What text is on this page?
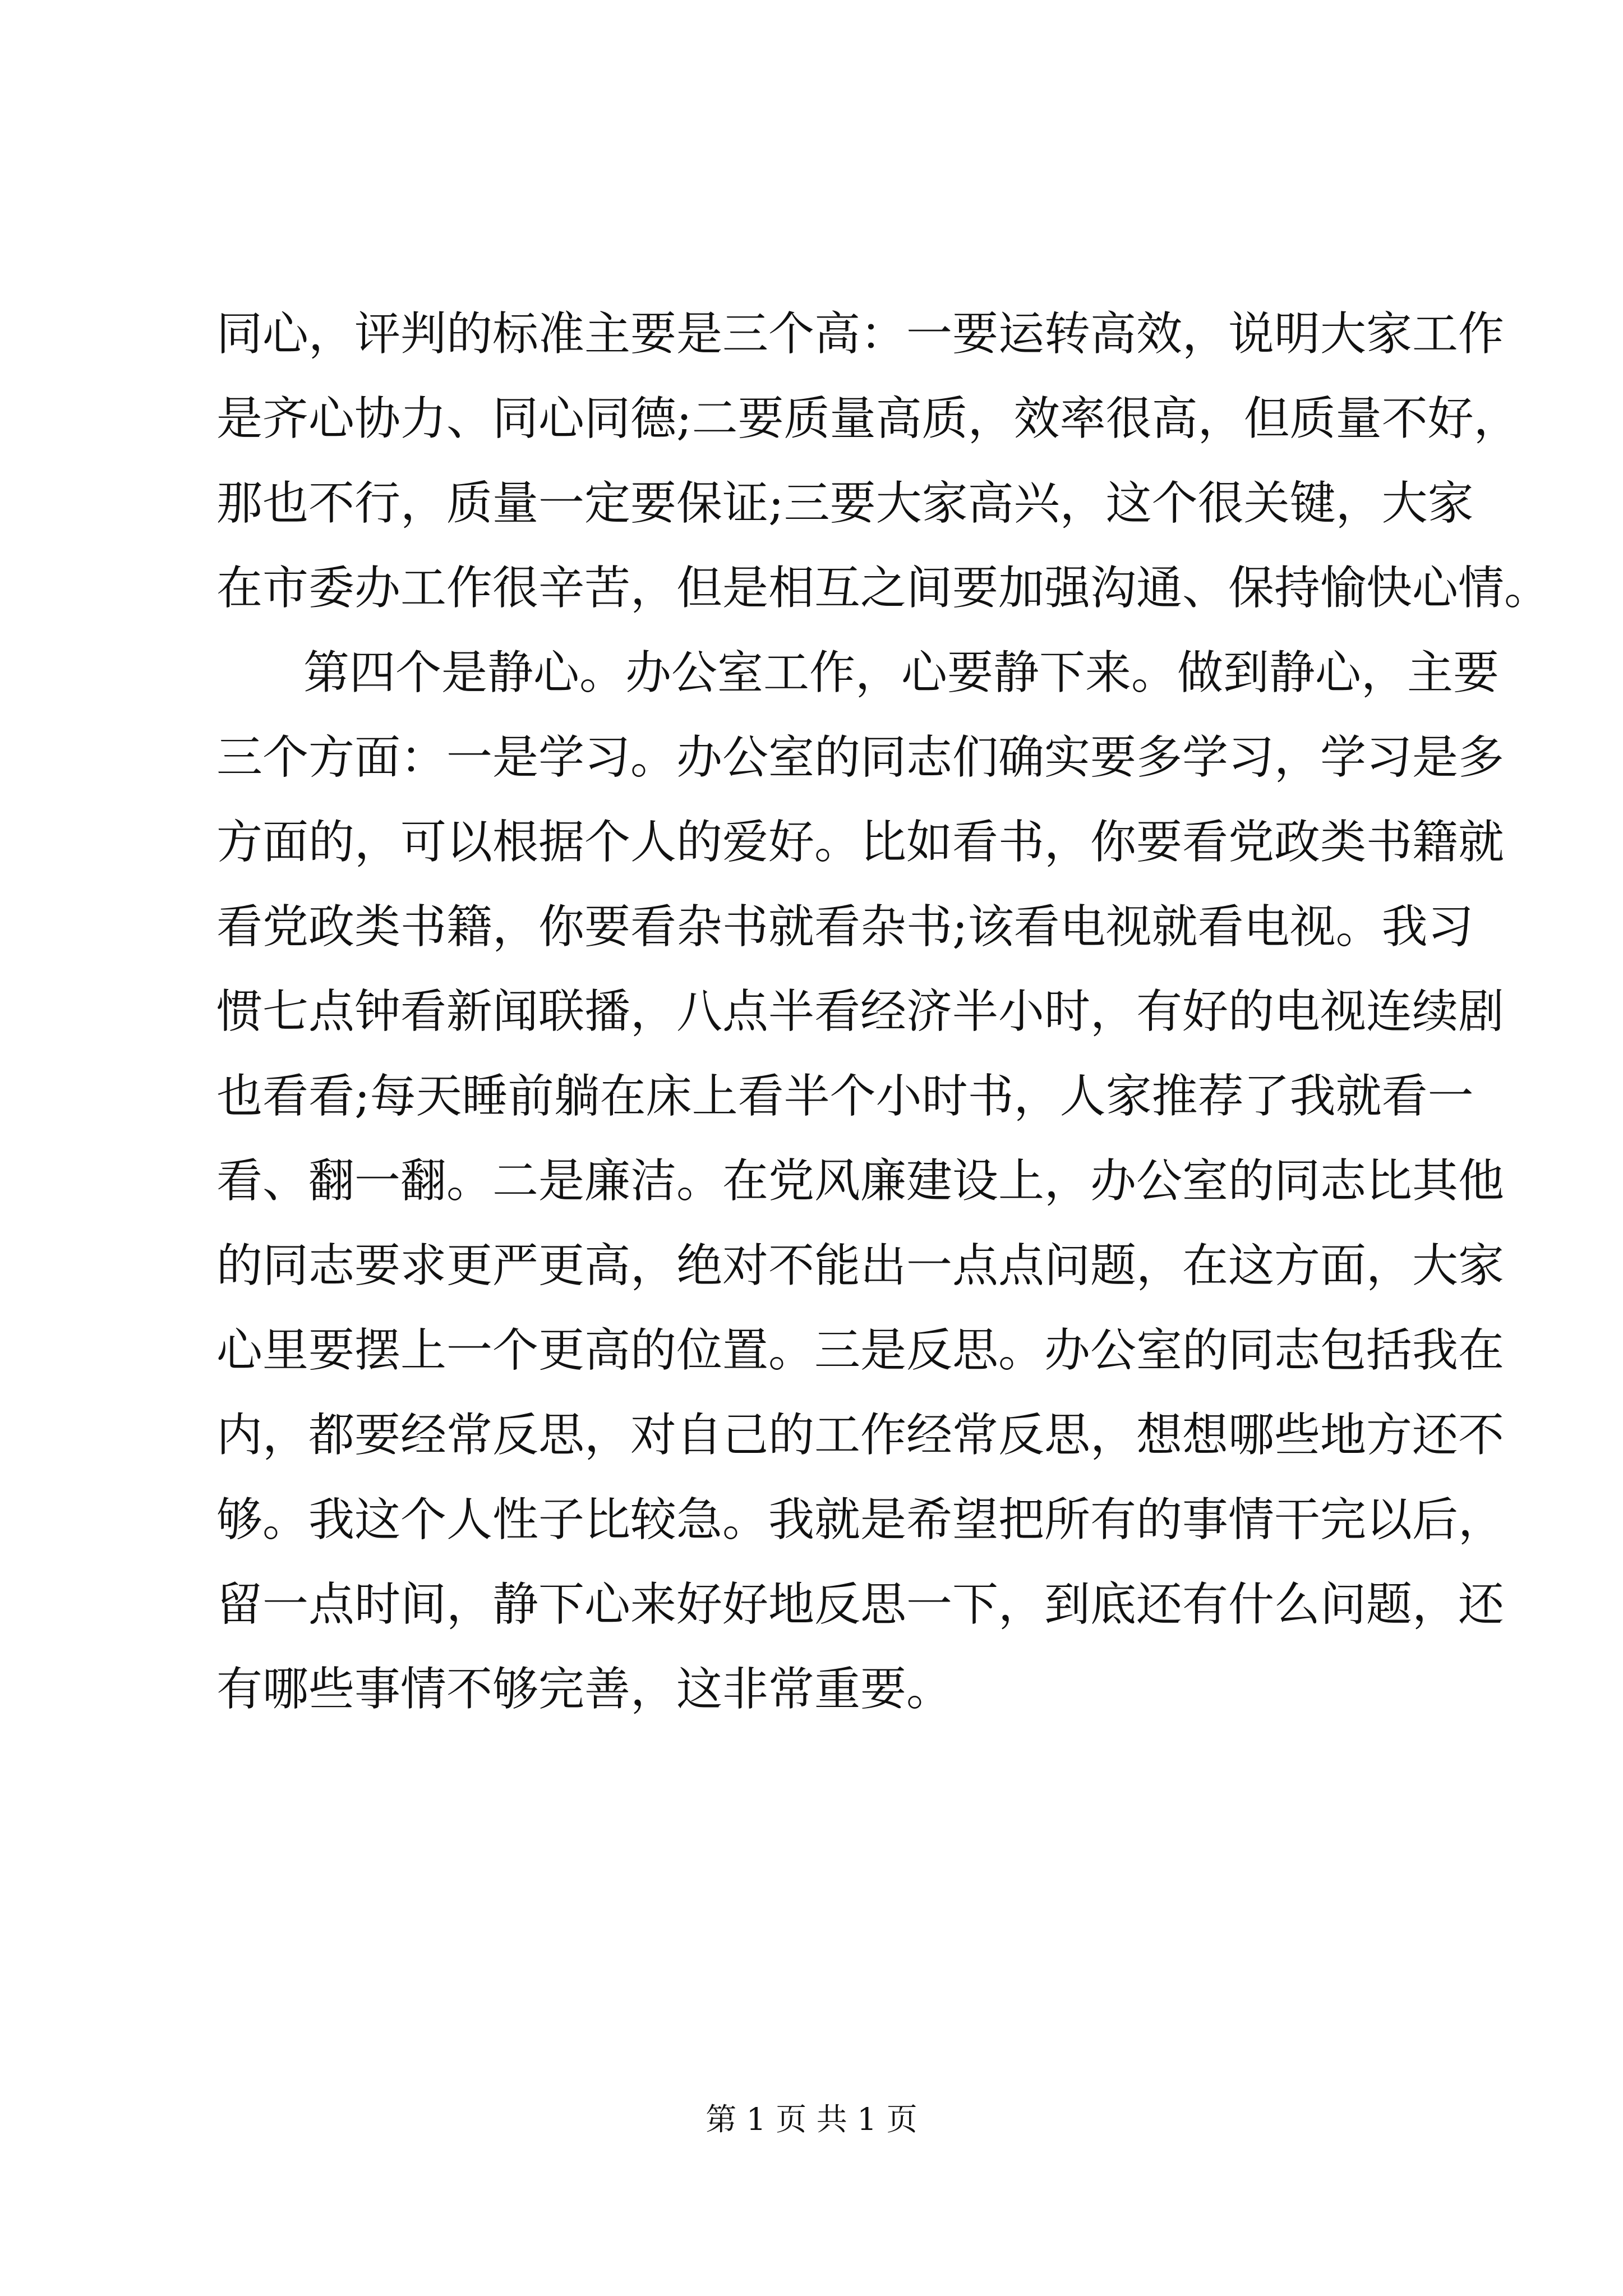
同心，评判的标准主要是三个高：一要运转高效，说明大家工作
是齐心协力、同心同德;二要质量高质，效率很高，但质量不好，
那也不行，质量一定要保证;三要大家高兴，这个很关键，大家
在市委办工作很辛苦，但是相互之间要加强沟通、保持愉快心情。
第四个是静心。办公室工作，心要静下来。做到静心，主要
三个方面：一是学习。办公室的同志们确实要多学习，学习是多
方面的，可以根据个人的爱好。比如看书，你要看党政类书籍就
看党政类书籍，你要看杂书就看杂书;该看电视就看电视。我习
惯七点钟看新闻联播，八点半看经济半小时，有好的电视连续剧
也看看;每天睡前躺在床上看半个小时书，人家推荐了我就看一
看、翻一翻。二是廉洁。在党风廉建设上，办公室的同志比其他
的同志要求更严更高，绝对不能出一点点问题，在这方面，大家
心里要摆上一个更高的位置。三是反思。办公室的同志包括我在
内，都要经常反思，对自己的工作经常反思，想想哪些地方还不
够。我这个人性子比较急。我就是希望把所有的事情干完以后，
留一点时间，静下心来好好地反思一下，到底还有什么问题，还
有哪些事情不够完善，这非常重要。
第 1 页 共 1 页
